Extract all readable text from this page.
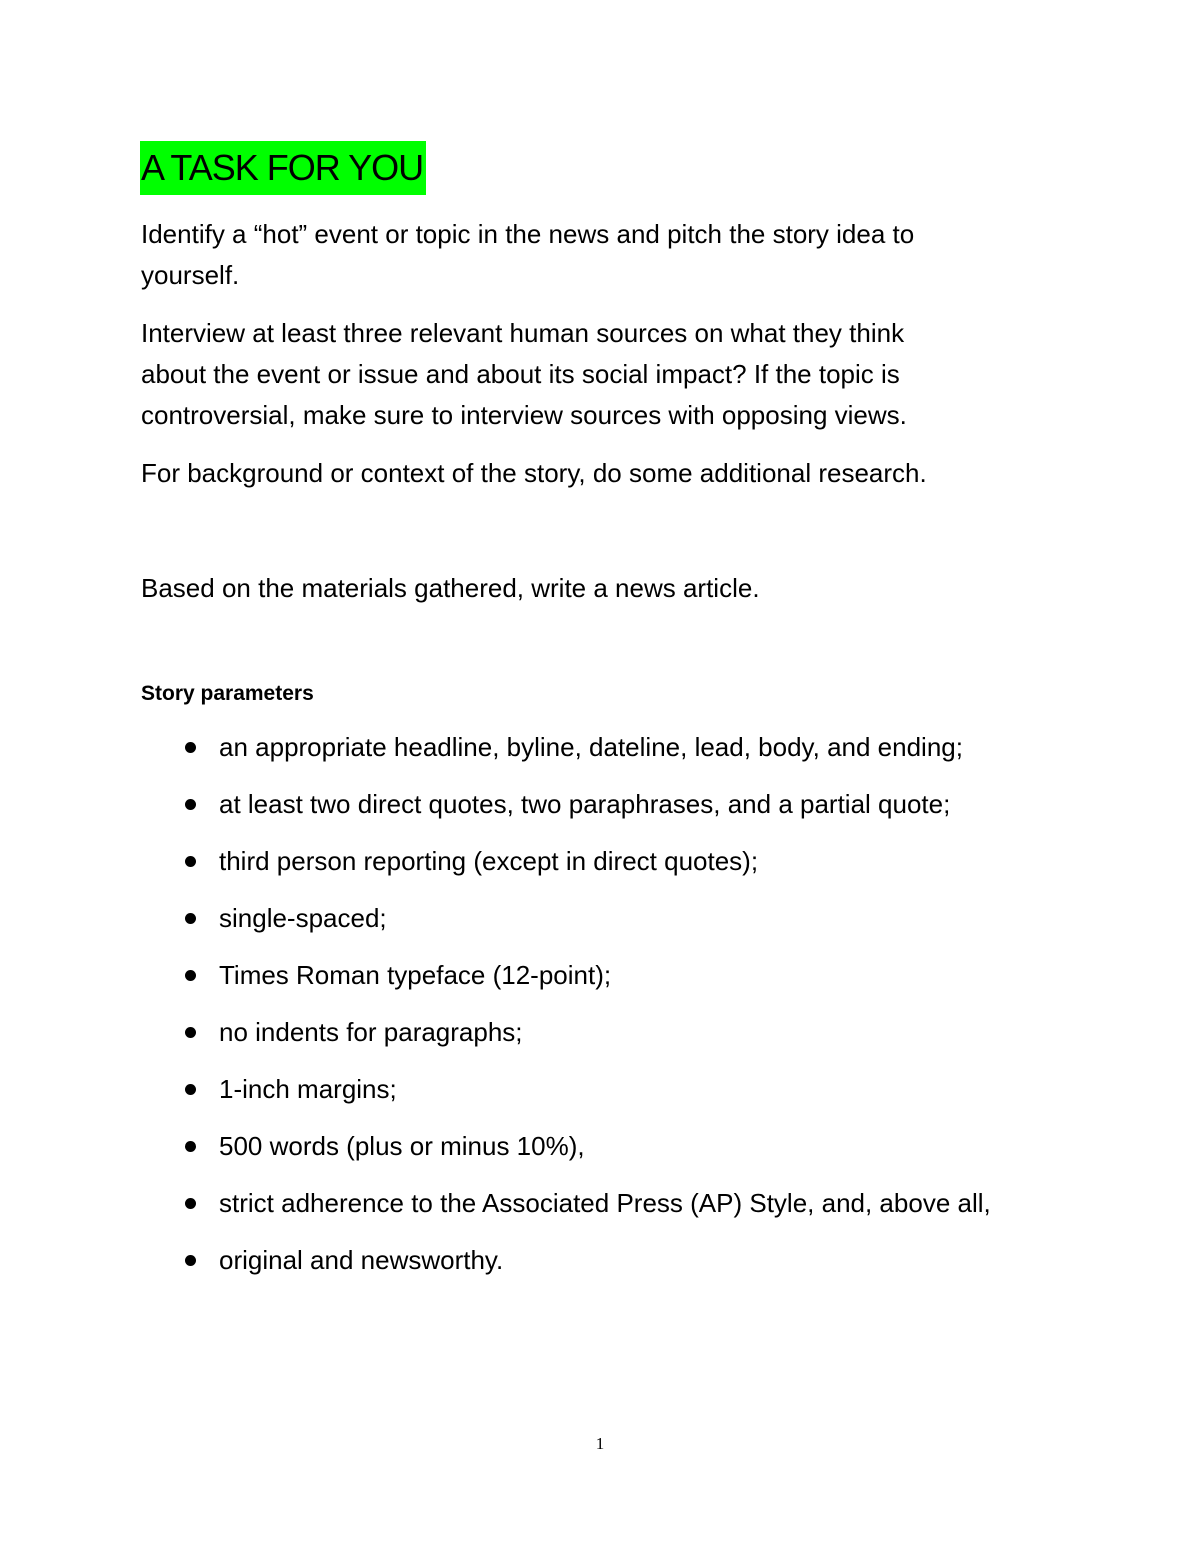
A TASK FOR YOU

Identify a “hot” event or topic in the news and pitch the story idea to
yourself.

Interview at least three relevant human sources on what they think
about the event or issue and about its social impact? If the topic is
controversial, make sure to interview sources with opposing views.

For background or context of the story, do some additional research.

Based on the materials gathered, write a news article.

Story parameters

an appropriate headline, byline, dateline, lead, body, and ending;
at least two direct quotes, two paraphrases, and a partial quote;
third person reporting (except in direct quotes);
single-spaced;
Times Roman typeface (12-point);
no indents for paragraphs;
1-inch margins;
500 words (plus or minus 10%),
strict adherence to the Associated Press (AP) Style, and, above all,
original and newsworthy.
1
